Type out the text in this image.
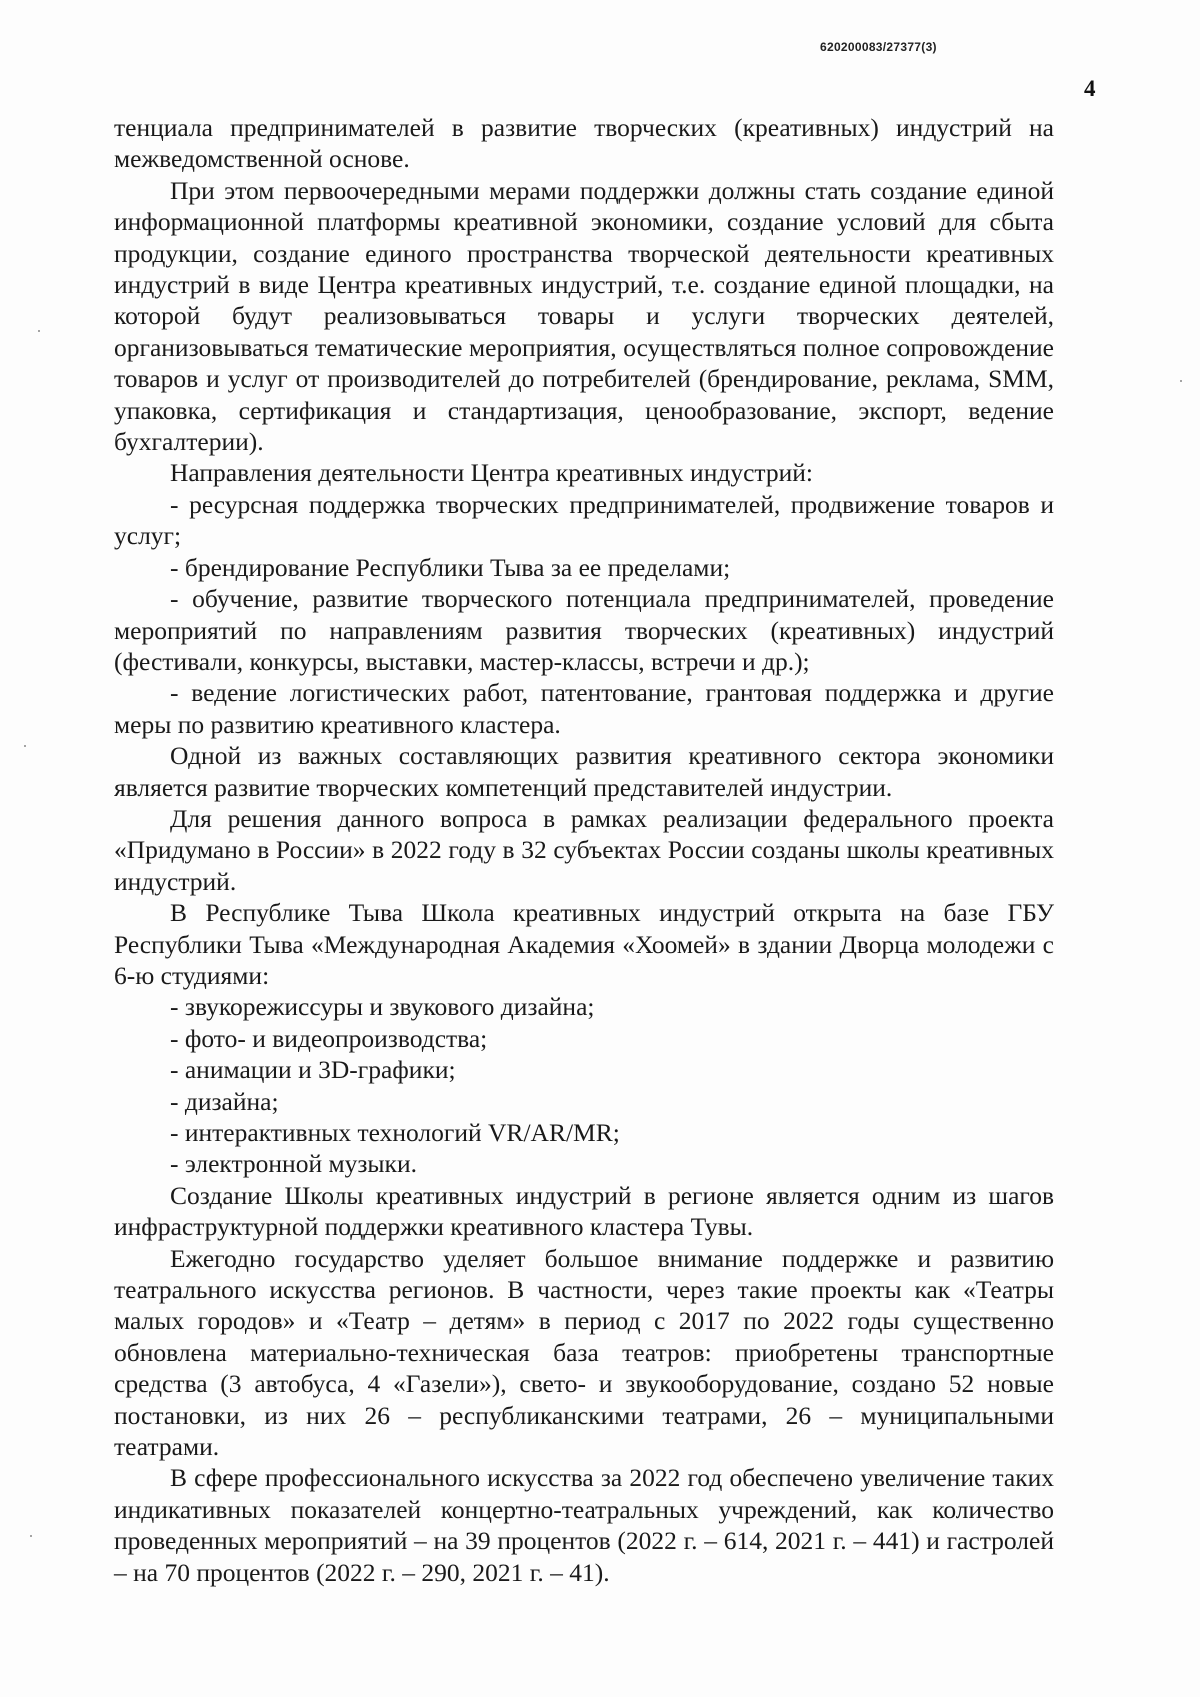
620200083/27377(3)
4

тенциала предпринимателей в развитие творческих (креативных) индустрий на межведомственной основе.

При этом первоочередными мерами поддержки должны стать создание единой информационной платформы креативной экономики, создание условий для сбыта продукции, создание единого пространства творческой деятельности креативных индустрий в виде Центра креативных индустрий, т.е. создание единой площадки, на которой будут реализовываться товары и услуги творческих деятелей, организовываться тематические мероприятия, осуществляться полное сопровождение товаров и услуг от производителей до потребителей (брендирование, реклама, SMM, упаковка, сертификация и стандартизация, ценообразование, экспорт, ведение бухгалтерии).

Направления деятельности Центра креативных индустрий:

- ресурсная поддержка творческих предпринимателей, продвижение товаров и услуг;

- брендирование Республики Тыва за ее пределами;

- обучение, развитие творческого потенциала предпринимателей, проведение мероприятий по направлениям развития творческих (креативных) индустрий (фестивали, конкурсы, выставки, мастер-классы, встречи и др.);

- ведение логистических работ, патентование, грантовая поддержка и другие меры по развитию креативного кластера.

Одной из важных составляющих развития креативного сектора экономики является развитие творческих компетенций представителей индустрии.

Для решения данного вопроса в рамках реализации федерального проекта «Придумано в России» в 2022 году в 32 субъектах России созданы школы креативных индустрий.

В Республике Тыва Школа креативных индустрий открыта на базе ГБУ Республики Тыва «Международная Академия «Хоомей» в здании Дворца молодежи с 6-ю студиями:

- звукорежиссуры и звукового дизайна;

- фото- и видеопроизводства;

- анимации и 3D-графики;

- дизайна;

- интерактивных технологий VR/AR/MR;

- электронной музыки.

Создание Школы креативных индустрий в регионе является одним из шагов инфраструктурной поддержки креативного кластера Тувы.

Ежегодно государство уделяет большое внимание поддержке и развитию театрального искусства регионов. В частности, через такие проекты как «Театры малых городов» и «Театр – детям» в период с 2017 по 2022 годы существенно обновлена материально-техническая база театров: приобретены транспортные средства (3 автобуса, 4 «Газели»), свето- и звукооборудование, создано 52 новые постановки, из них 26 – республиканскими театрами, 26 – муниципальными театрами.

В сфере профессионального искусства за 2022 год обеспечено увеличение таких индикативных показателей концертно-театральных учреждений, как количество проведенных мероприятий – на 39 процентов (2022 г. – 614, 2021 г. – 441) и гастролей – на 70 процентов (2022 г. – 290, 2021 г. – 41).
